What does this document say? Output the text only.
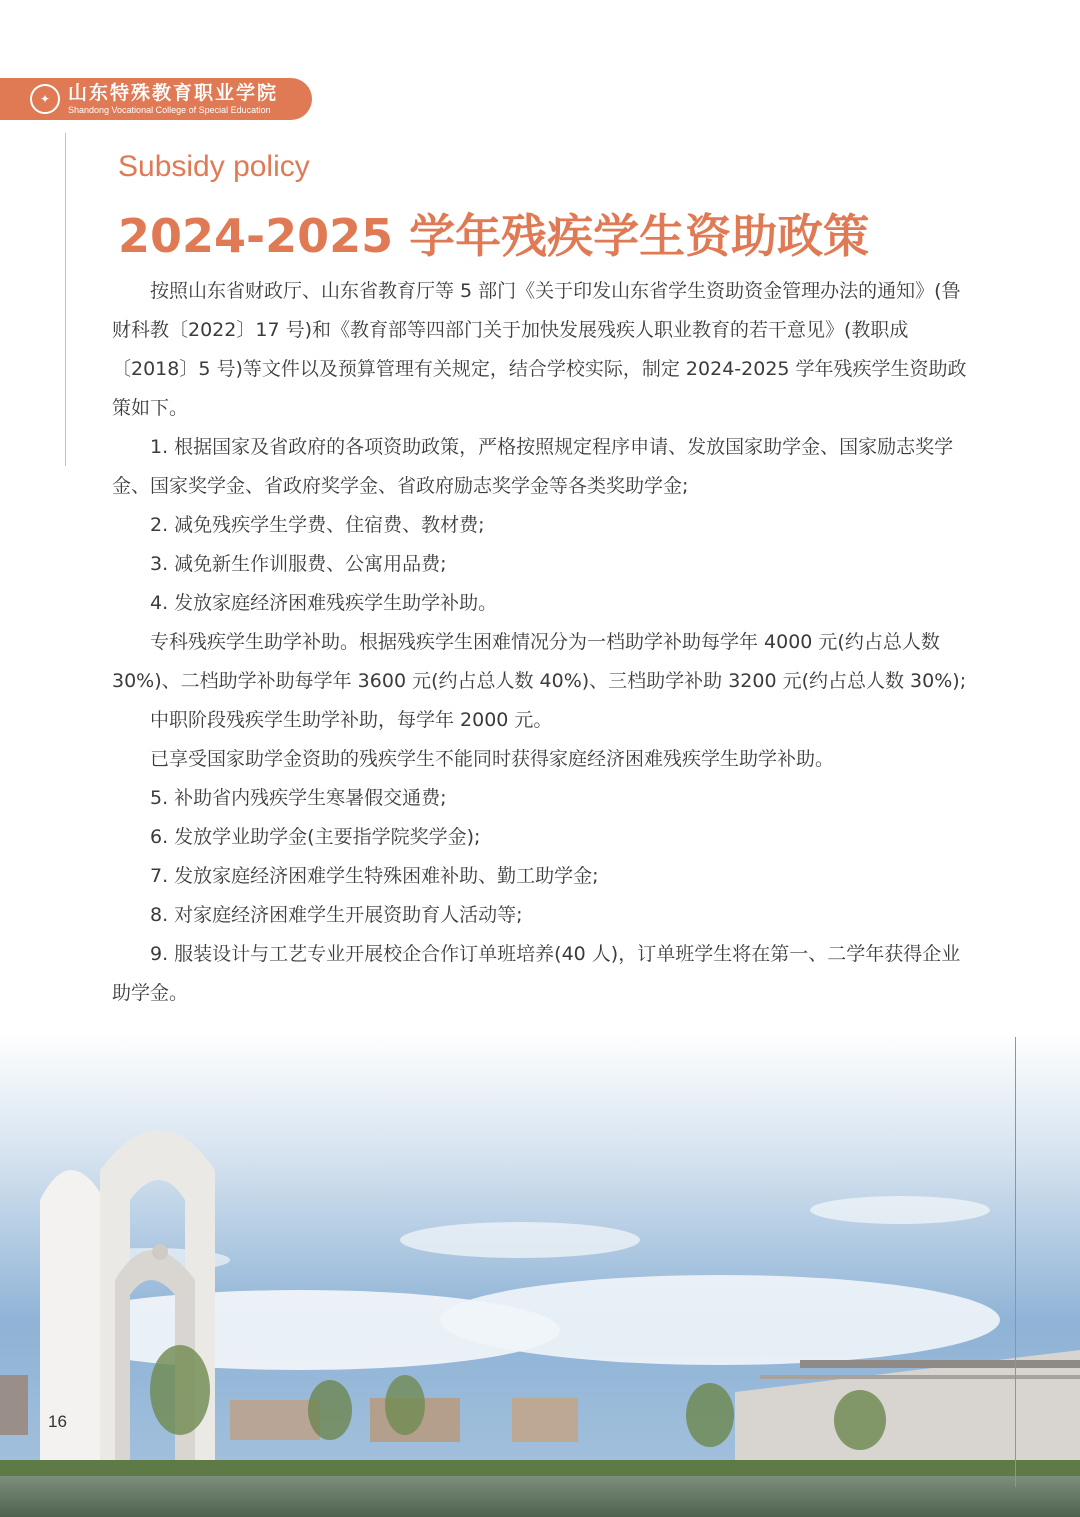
✦ 山东特殊教育职业学院
Shandong Vocational College of Special Education
Subsidy policy
2024-2025 学年残疾学生资助政策

按照山东省财政厅、山东省教育厅等 5 部门《关于印发山东省学生资助资金管理办法的通知》(鲁财科教〔2022〕17 号)和《教育部等四部门关于加快发展残疾人职业教育的若干意见》(教职成〔2018〕5 号)等文件以及预算管理有关规定，结合学校实际，制定 2024-2025 学年残疾学生资助政策如下。

1. 根据国家及省政府的各项资助政策，严格按照规定程序申请、发放国家助学金、国家励志奖学金、国家奖学金、省政府奖学金、省政府励志奖学金等各类奖助学金;

2. 减免残疾学生学费、住宿费、教材费;

3. 减免新生作训服费、公寓用品费;

4. 发放家庭经济困难残疾学生助学补助。

专科残疾学生助学补助。根据残疾学生困难情况分为一档助学补助每学年 4000 元(约占总人数 30%)、二档助学补助每学年 3600 元(约占总人数 40%)、三档助学补助 3200 元(约占总人数 30%);

中职阶段残疾学生助学补助，每学年 2000 元。

已享受国家助学金资助的残疾学生不能同时获得家庭经济困难残疾学生助学补助。

5. 补助省内残疾学生寒暑假交通费;

6. 发放学业助学金(主要指学院奖学金);

7. 发放家庭经济困难学生特殊困难补助、勤工助学金;

8. 对家庭经济困难学生开展资助育人活动等;

9. 服装设计与工艺专业开展校企合作订单班培养(40 人)，订单班学生将在第一、二学年获得企业助学金。

16
